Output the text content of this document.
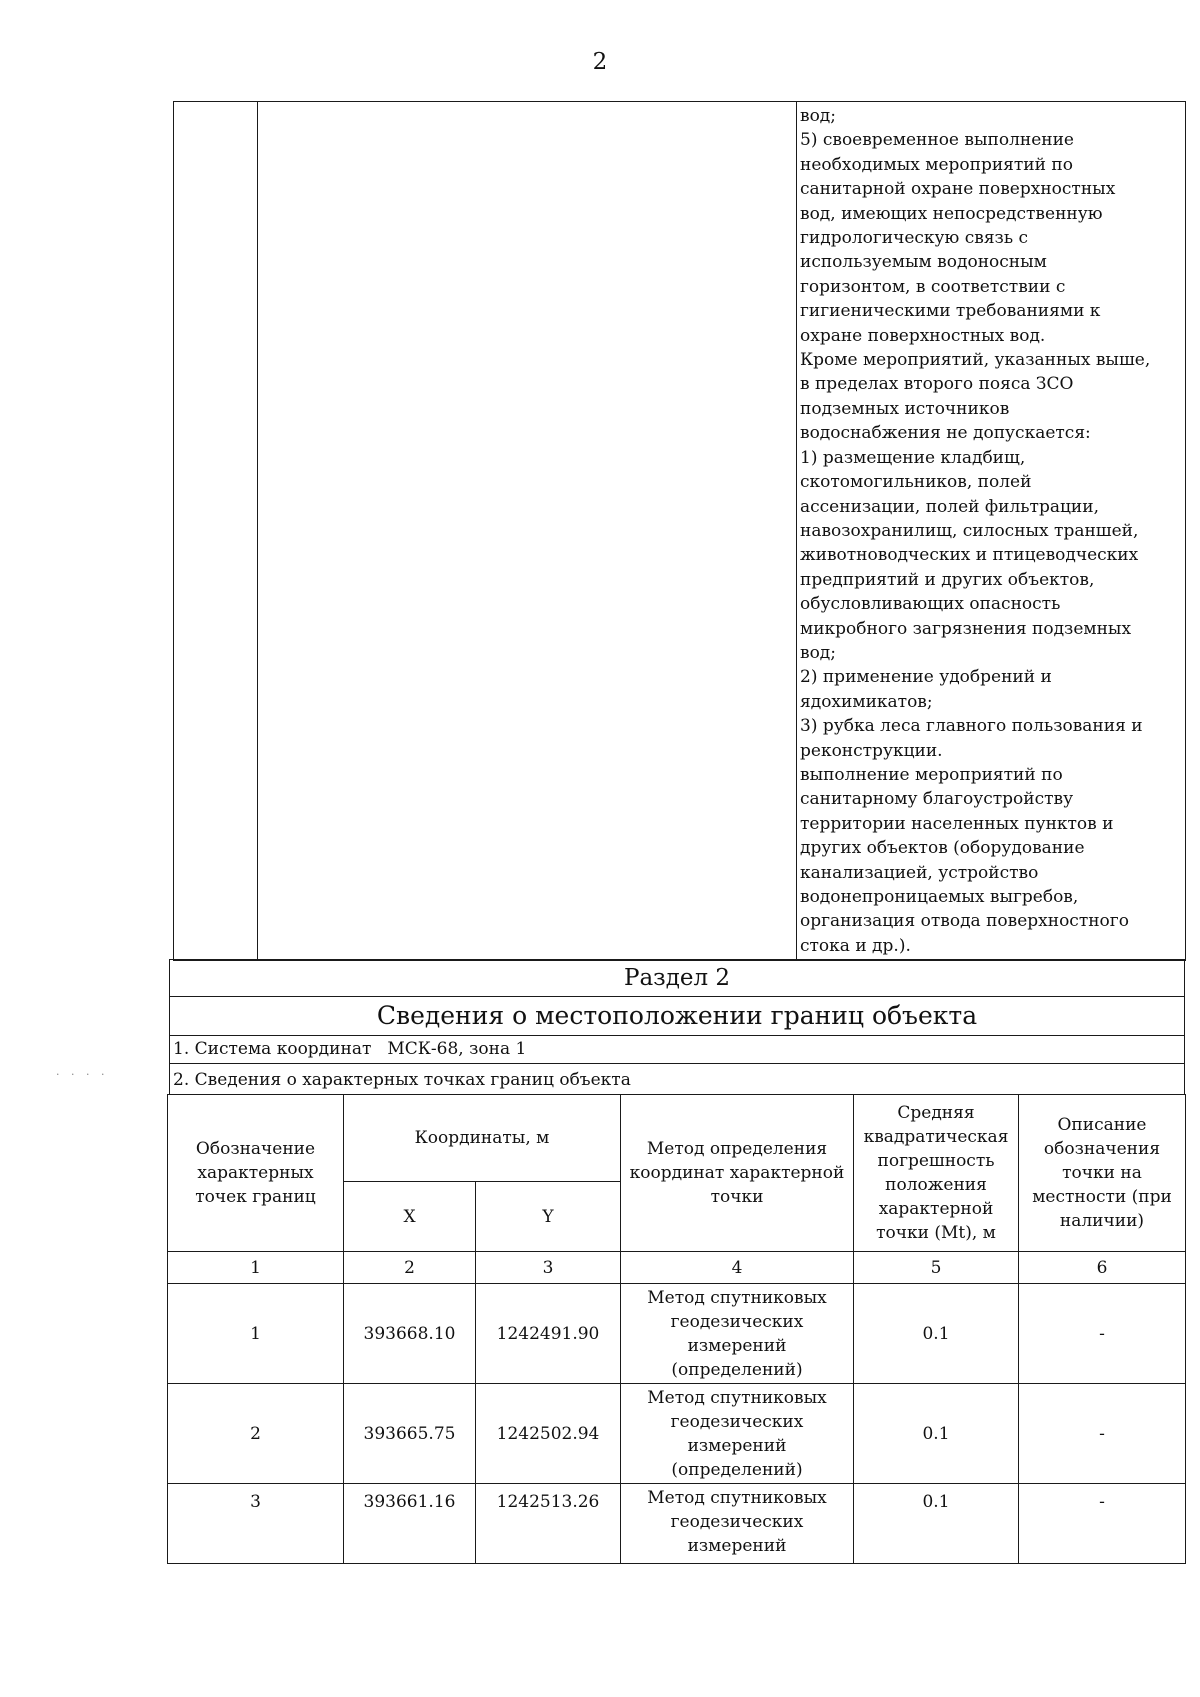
2
· · · ·

вод;
5) своевременное выполнение
необходимых мероприятий по
санитарной охране поверхностных
вод, имеющих непосредственную
гидрологическую связь с
используемым водоносным
горизонтом, в соответствии с
гигиеническими требованиями к
охране поверхностных вод.
Кроме мероприятий, указанных выше,
в пределах второго пояса ЗСО
подземных источников
водоснабжения не допускается:
1) размещение кладбищ,
скотомогильников, полей
ассенизации, полей фильтрации,
навозохранилищ, силосных траншей,
животноводческих и птицеводческих
предприятий и других объектов,
обусловливающих опасность
микробного загрязнения подземных
вод;
2) применение удобрений и
ядохимикатов;
3) рубка леса главного пользования и
реконструкции.
выполнение мероприятий по
санитарному благоустройству
территории населенных пунктов и
других объектов (оборудование
канализацией, устройство
водонепроницаемых выгребов,
организация отвода поверхностного
стока и др.).
Раздел 2
Сведения о местоположении границ объекта
1. Система координат МСК-68, зона 1
2. Сведения о характерных точках границ объекта
Обозначение характерных точек границ	Координаты, м		Метод определения координат характерной точки	Средняя квадратическая погрешность положения характерной точки (Mt), м	Описание обозначения точки на местности (при наличии)
	X	Y			
1	2	3	4	5	6
1	393668.10	1242491.90	Метод спутниковых геодезических измерений (определений)	0.1	-
2	393665.75	1242502.94	Метод спутниковых геодезических измерений (определений)	0.1	-
3	393661.16	1242513.26	Метод спутниковых геодезических измерений	0.1	-
